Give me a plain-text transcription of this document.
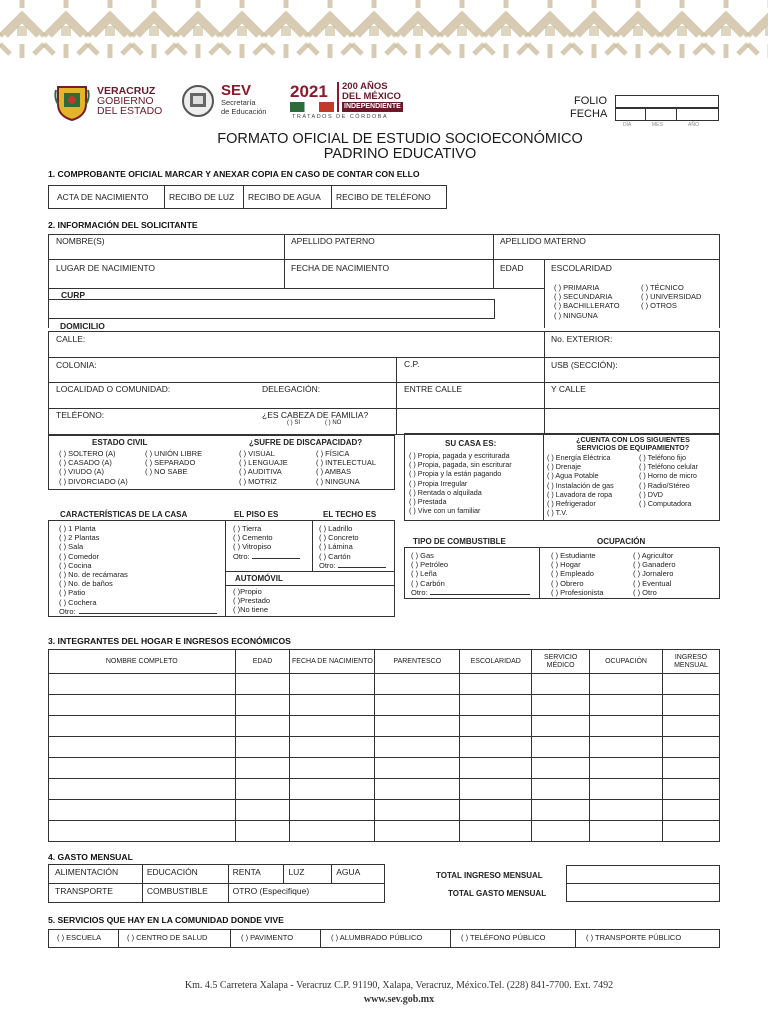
VERACRUZ
GOBIERNO
DEL ESTADO
SEV
Secretaría
de Educación
2021	200 AÑOS
DEL MÉXICO
INDEPENDIENTE
TRATADOS DE CÓRDOBA
FOLIO
FECHA
DÍA	MES	AÑO
FORMATO OFICIAL DE ESTUDIO SOCIOECONÓMICO
PADRINO EDUCATIVO
1. COMPROBANTE OFICIAL MARCAR Y ANEXAR COPIA EN CASO DE CONTAR CON ELLO
ACTA DE NACIMIENTO	RECIBO DE LUZ	RECIBO DE AGUA	RECIBO DE TELÉFONO
2. INFORMACIÓN DEL SOLICITANTE
NOMBRE(S)	APELLIDO PATERNO	APELLIDO MATERNO
LUGAR DE NACIMIENTO	FECHA DE NACIMIENTO	EDAD	ESCOLARIDAD
( ) PRIMARIA
( ) SECUNDARIA
( ) BACHILLERATO
( ) NINGUNA
( ) TÉCNICO
( ) UNIVERSIDAD
( ) OTROS
CURP
DOMICILIO
CALLE:	No. EXTERIOR:
COLONIA:	C.P.	USB (SECCIÓN):
LOCALIDAD O COMUNIDAD:	DELEGACIÓN:	ENTRE CALLE	Y CALLE
TELÉFONO:	¿ES CABEZA DE FAMILIA?
( ) SI	( ) NO
ESTADO CIVIL
( ) SOLTERO (A)
( ) CASADO (A)
( ) VIUDO (A)
( ) DIVORCIADO (A)
( ) UNIÓN LIBRE
( ) SEPARADO
( ) NO SABE
¿SUFRE DE DISCAPACIDAD?
( ) VISUAL
( ) LENGUAJE
( ) AUDITIVA
( ) MOTRIZ
( ) FÍSICA
( ) INTELECTUAL
( ) AMBAS
( ) NINGUNA
SU CASA ES:
( ) Propia, pagada y escriturada
( ) Propia, pagada, sin escriturar
( ) Propia y la están pagando
( ) Propia Irregular
( ) Rentada o alquilada
( ) Prestada
( ) Vive con un familiar
¿CUENTA CON LOS SIGUIENTES
SERVICIOS DE EQUIPAMIENTO?
( ) Energía Eléctrica
( ) Drenaje
( ) Agua Potable
( ) Instalación de gas
( ) Lavadora de ropa
( ) Refrigerador
( ) T.V.
( ) Teléfono fijo
( ) Teléfono celular
( ) Horno de micro
( ) Radio/Stéreo
( ) DVD
( ) Computadora
CARACTERÍSTICAS DE LA CASA	EL PISO ES	EL TECHO ES
( ) 1 Planta
( ) 2 Plantas
( ) Sala
( ) Comedor
( ) Cocina
( ) No. de recámaras
( ) No. de baños
( ) Patio
( ) Cochera
Otro:
( ) Tierra
( ) Cemento
( ) Vitropiso
Otro:
( ) Ladrillo
( ) Concreto
( ) Lámina
( ) Cartón
Otro:
AUTOMÓVIL
( )Propio
( )Prestado
( )No tiene
TIPO DE COMBUSTIBLE	OCUPACIÓN
( ) Gas
( ) Petróleo
( ) Leña
( ) Carbón
Otro:
( ) Estudiante
( ) Hogar
( ) Empleado
( ) Obrero
( ) Profesionista
( ) Agricultor
( ) Ganadero
( ) Jornalero
( ) Eventual
( ) Otro
3. INTEGRANTES DEL HOGAR E INGRESOS ECONÓMICOS
NOMBRE COMPLETO	EDAD	FECHA DE NACIMIENTO	PARENTESCO	ESCOLARIDAD	SERVICIO MÉDICO	OCUPACIÓN	INGRESO MENSUAL

4. GASTO MENSUAL
ALIMENTACIÓN	EDUCACIÓN	RENTA	LUZ	AGUA
TRANSPORTE	COMBUSTIBLE	OTRO (Especifique)		
TOTAL INGRESO MENSUAL
TOTAL GASTO MENSUAL
5. SERVICIOS QUE HAY EN LA COMUNIDAD DONDE VIVE
( ) ESCUELA	( ) CENTRO DE SALUD	( ) PAVIMENTO	( ) ALUMBRADO PÚBLICO	( ) TELÉFONO PÚBLICO	( ) TRANSPORTE PÚBLICO
Km. 4.5 Carretera Xalapa - Veracruz C.P. 91190, Xalapa, Veracruz, México.Tel. (228) 841-7700. Ext. 7492
www.sev.gob.mx
